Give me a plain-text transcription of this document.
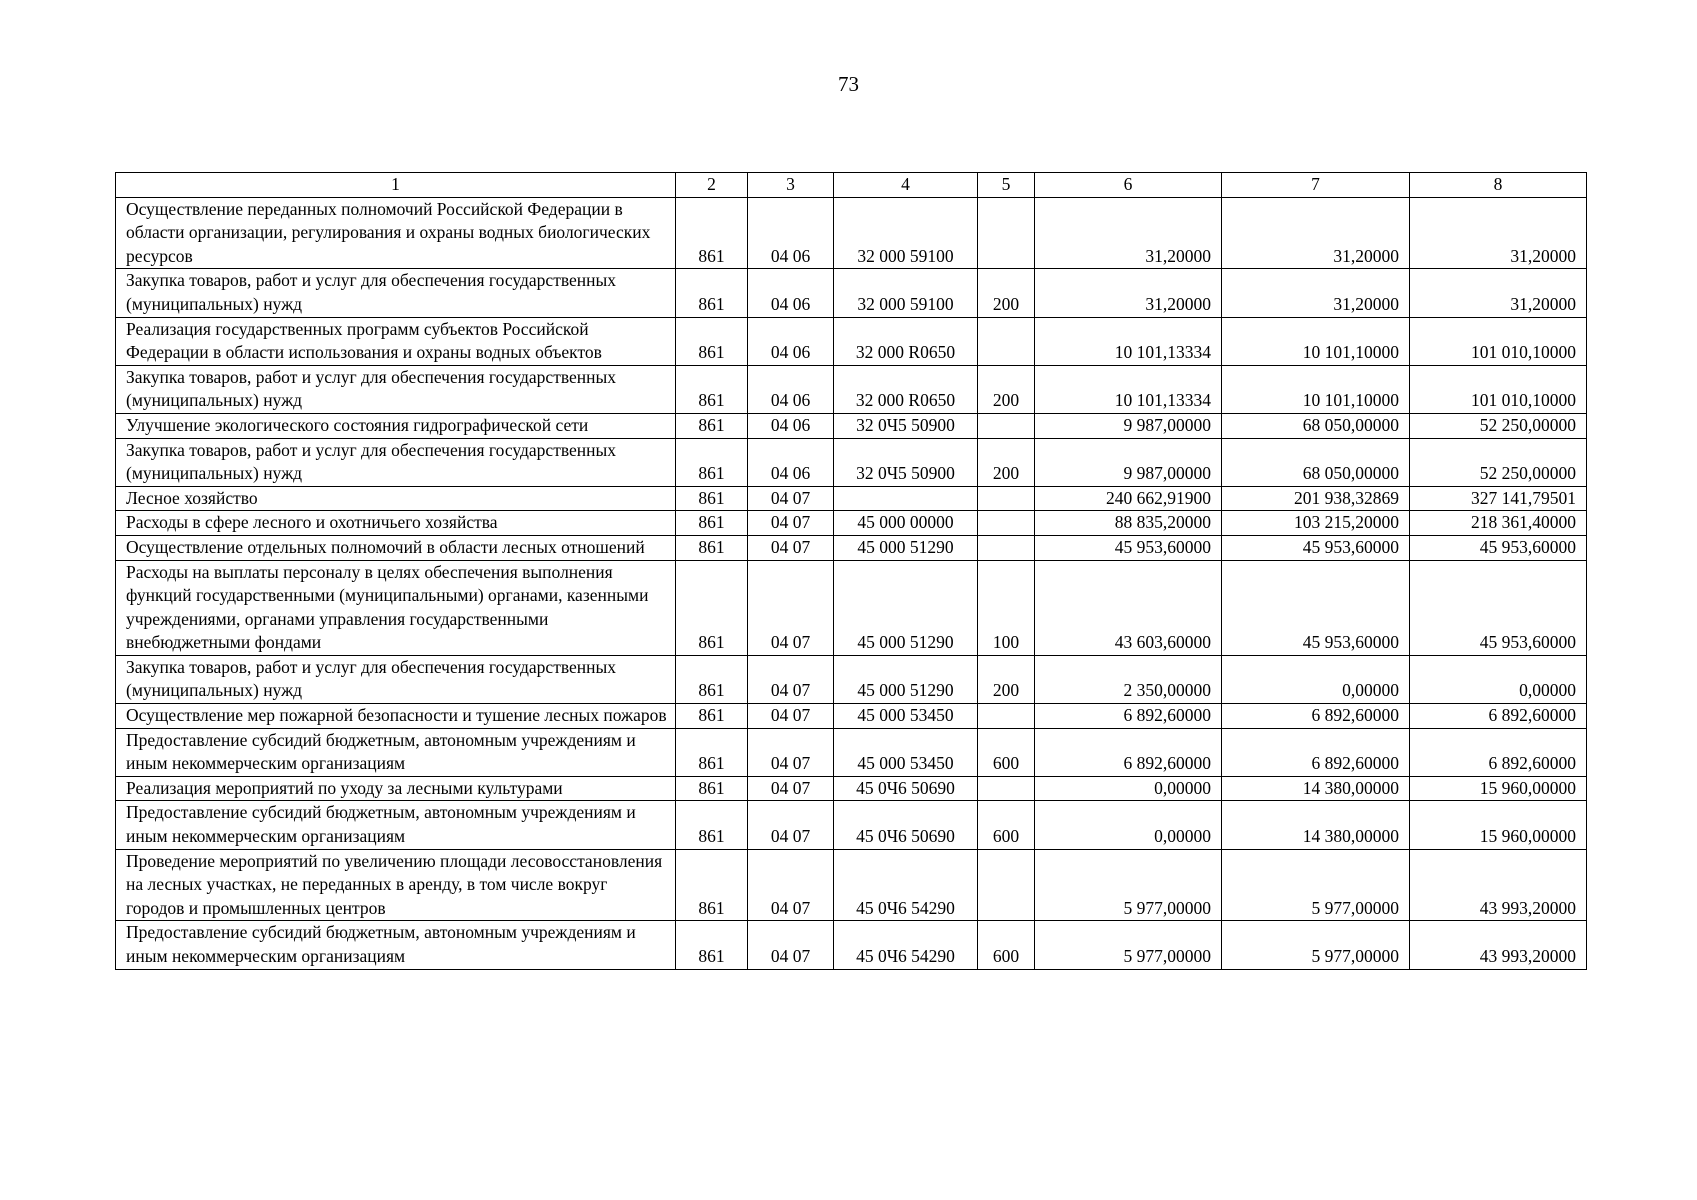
73
1	2	3	4	5	6	7	8
Осуществление переданных полномочий Российской Федерации в области организации, регулирования и охраны водных биологических ресурсов	861	04 06	32 000 59100		31,20000	31,20000	31,20000
Закупка товаров, работ и услуг для обеспечения государственных (муниципальных) нужд	861	04 06	32 000 59100	200	31,20000	31,20000	31,20000
Реализация государственных программ субъектов Российской Федерации в области использования и охраны водных объектов	861	04 06	32 000 R0650		10 101,13334	10 101,10000	101 010,10000
Закупка товаров, работ и услуг для обеспечения государственных (муниципальных) нужд	861	04 06	32 000 R0650	200	10 101,13334	10 101,10000	101 010,10000
Улучшение экологического состояния гидрографической сети	861	04 06	32 0Ч5 50900		9 987,00000	68 050,00000	52 250,00000
Закупка товаров, работ и услуг для обеспечения государственных (муниципальных) нужд	861	04 06	32 0Ч5 50900	200	9 987,00000	68 050,00000	52 250,00000
Лесное хозяйство	861	04 07			240 662,91900	201 938,32869	327 141,79501
Расходы в сфере лесного и охотничьего хозяйства	861	04 07	45 000 00000		88 835,20000	103 215,20000	218 361,40000
Осуществление отдельных полномочий в области лесных отношений	861	04 07	45 000 51290		45 953,60000	45 953,60000	45 953,60000
Расходы на выплаты персоналу в целях обеспечения выполнения функций государственными (муниципальными) органами, казенными учреждениями, органами управления государственными внебюджетными фондами	861	04 07	45 000 51290	100	43 603,60000	45 953,60000	45 953,60000
Закупка товаров, работ и услуг для обеспечения государственных (муниципальных) нужд	861	04 07	45 000 51290	200	2 350,00000	0,00000	0,00000
Осуществление мер пожарной безопасности и тушение лесных пожаров	861	04 07	45 000 53450		6 892,60000	6 892,60000	6 892,60000
Предоставление субсидий бюджетным, автономным учреждениям и иным некоммерческим организациям	861	04 07	45 000 53450	600	6 892,60000	6 892,60000	6 892,60000
Реализация мероприятий по уходу за лесными культурами	861	04 07	45 0Ч6 50690		0,00000	14 380,00000	15 960,00000
Предоставление субсидий бюджетным, автономным учреждениям и иным некоммерческим организациям	861	04 07	45 0Ч6 50690	600	0,00000	14 380,00000	15 960,00000
Проведение мероприятий по увеличению площади лесовосстановления на лесных участках, не переданных в аренду, в том числе вокруг городов и промышленных центров	861	04 07	45 0Ч6 54290		5 977,00000	5 977,00000	43 993,20000
Предоставление субсидий бюджетным, автономным учреждениям и иным некоммерческим организациям	861	04 07	45 0Ч6 54290	600	5 977,00000	5 977,00000	43 993,20000
